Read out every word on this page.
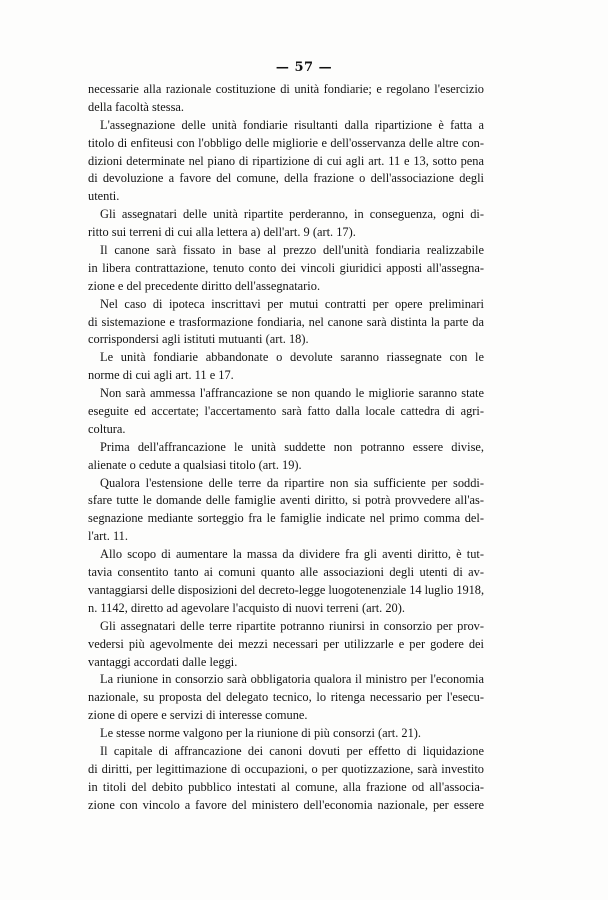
— 57 —
necessarie alla razionale costituzione di unità fondiarie; e regolano l'esercizio
della facoltà stessa.
L'assegnazione delle unità fondiarie risultanti dalla ripartizione è fatta a
titolo di enfiteusi con l'obbligo delle migliorie e dell'osservanza delle altre con-
dizioni determinate nel piano di ripartizione di cui agli art. 11 e 13, sotto pena
di devoluzione a favore del comune, della frazione o dell'associazione degli
utenti.
Gli assegnatari delle unità ripartite perderanno, in conseguenza, ogni di-
ritto sui terreni di cui alla lettera a) dell'art. 9 (art. 17).
Il canone sarà fissato in base al prezzo dell'unità fondiaria realizzabile
in libera contrattazione, tenuto conto dei vincoli giuridici apposti all'assegna-
zione e del precedente diritto dell'assegnatario.
Nel caso di ipoteca inscrittavi per mutui contratti per opere preliminari
di sistemazione e trasformazione fondiaria, nel canone sarà distinta la parte da
corrispondersi agli istituti mutuanti (art. 18).
Le unità fondiarie abbandonate o devolute saranno riassegnate con le
norme di cui agli art. 11 e 17.
Non sarà ammessa l'affrancazione se non quando le migliorie saranno state
eseguite ed accertate; l'accertamento sarà fatto dalla locale cattedra di agri-
coltura.
Prima dell'affrancazione le unità suddette non potranno essere divise,
alienate o cedute a qualsiasi titolo (art. 19).
Qualora l'estensione delle terre da ripartire non sia sufficiente per soddi-
sfare tutte le domande delle famiglie aventi diritto, si potrà provvedere all'as-
segnazione mediante sorteggio fra le famiglie indicate nel primo comma del-
l'art. 11.
Allo scopo di aumentare la massa da dividere fra gli aventi diritto, è tut-
tavia consentito tanto ai comuni quanto alle associazioni degli utenti di av-
vantaggiarsi delle disposizioni del decreto-legge luogotenenziale 14 luglio 1918,
n. 1142, diretto ad agevolare l'acquisto di nuovi terreni (art. 20).
Gli assegnatari delle terre ripartite potranno riunirsi in consorzio per prov-
vedersi più agevolmente dei mezzi necessari per utilizzarle e per godere dei
vantaggi accordati dalle leggi.
La riunione in consorzio sarà obbligatoria qualora il ministro per l'economia
nazionale, su proposta del delegato tecnico, lo ritenga necessario per l'esecu-
zione di opere e servizi di interesse comune.
Le stesse norme valgono per la riunione di più consorzi (art. 21).
Il capitale di affrancazione dei canoni dovuti per effetto di liquidazione
di diritti, per legittimazione di occupazioni, o per quotizzazione, sarà investito
in titoli del debito pubblico intestati al comune, alla frazione od all'associa-
zione con vincolo a favore del ministero dell'economia nazionale, per essere
